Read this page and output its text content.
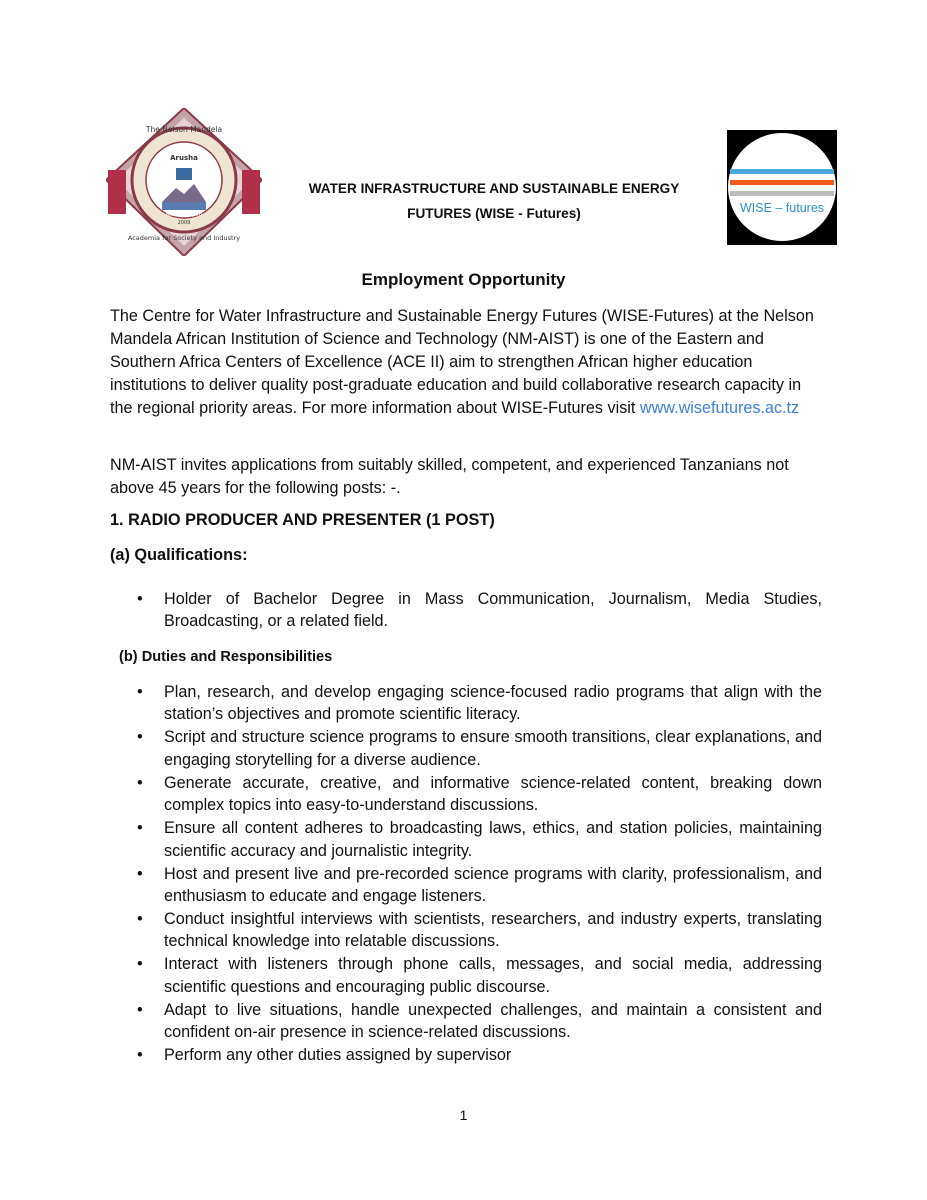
The Nelson Mandela
Arusha
Mt Kilimanjaro
2009
Academia for Society and Industry
WISE – futures
WATER INFRASTRUCTURE AND SUSTAINABLE ENERGY
FUTURES (WISE - Futures)
Employment Opportunity
The Centre for Water Infrastructure and Sustainable Energy Futures (WISE-Futures) at the Nelson Mandela African Institution of Science and Technology (NM-AIST) is one of the Eastern and Southern Africa Centers of Excellence (ACE II) aim to strengthen African higher education institutions to deliver quality post-graduate education and build collaborative research capacity in the regional priority areas. For more information about WISE-Futures visit www.wisefutures.ac.tz
NM-AIST invites applications from suitably skilled, competent, and experienced Tanzanians not above 45 years for the following posts: -.
1. RADIO PRODUCER AND PRESENTER (1 POST)
(a) Qualifications:
• Holder of Bachelor Degree in Mass Communication, Journalism, Media Studies, Broadcasting, or a related field.
(b) Duties and Responsibilities
• Plan, research, and develop engaging science-focused radio programs that align with the station’s objectives and promote scientific literacy.
• Script and structure science programs to ensure smooth transitions, clear explanations, and engaging storytelling for a diverse audience.
• Generate accurate, creative, and informative science-related content, breaking down complex topics into easy-to-understand discussions.
• Ensure all content adheres to broadcasting laws, ethics, and station policies, maintaining scientific accuracy and journalistic integrity.
• Host and present live and pre-recorded science programs with clarity, professionalism, and enthusiasm to educate and engage listeners.
• Conduct insightful interviews with scientists, researchers, and industry experts, translating technical knowledge into relatable discussions.
• Interact with listeners through phone calls, messages, and social media, addressing scientific questions and encouraging public discourse.
• Adapt to live situations, handle unexpected challenges, and maintain a consistent and confident on-air presence in science-related discussions.
• Perform any other duties assigned by supervisor
1
